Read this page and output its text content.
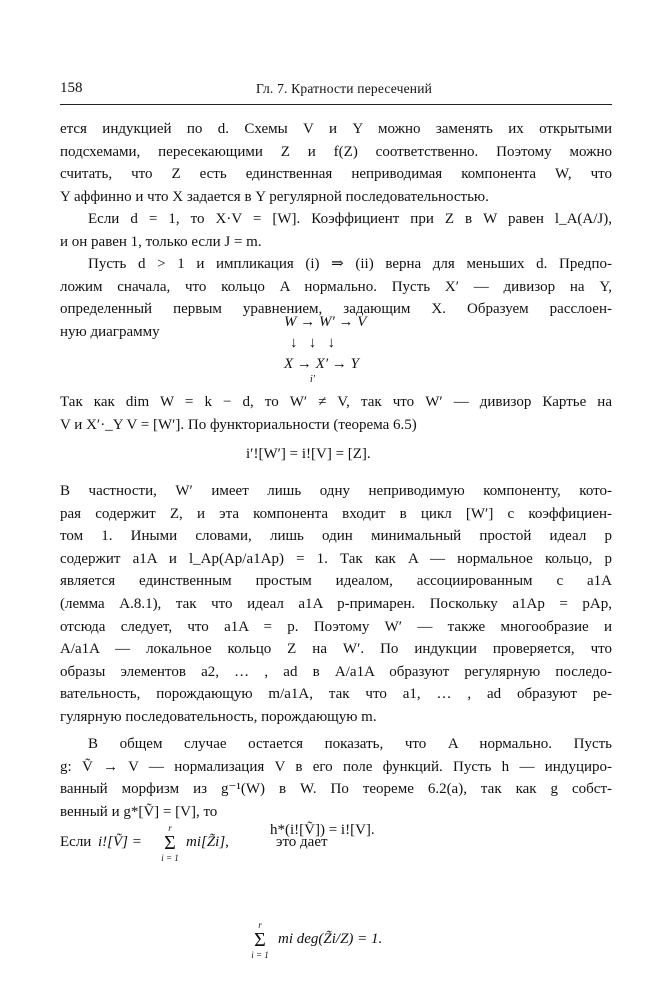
158	Гл. 7. Кратности пересечений
ется индукцией по d. Схемы V и Y можно заменять их открытыми
подсхемами, пересекающими Z и f(Z) соответственно. Поэтому можно
считать, что Z есть единственная неприводимая компонента W, что
Y аффинно и что X задается в Y регулярной последовательностью.
Если d = 1, то X·V = [W]. Коэффициент при Z в W равен l_A(A/J),
и он равен 1, только если J = m.
Пусть d > 1 и импликация (i) ⇒ (ii) верна для меньших d. Предпо-
ложим сначала, что кольцо A нормально. Пусть X′ — дивизор на Y,
определенный первым уравнением, задающим X. Образуем расслоен-
ную диаграмму
W → W′ → V
↓   ↓   ↓
X → X′ → Y
i′
Так как dim W = k − d, то W′ ≠ V, так что W′ — дивизор Картье на
V и X′·_Y V = [W′]. По функториальности (теорема 6.5)
i′![W′] = i![V] = [Z].
В частности, W′ имеет лишь одну неприводимую компоненту, кото-
рая содержит Z, и эта компонента входит в цикл [W′] с коэффициен-
том 1. Иными словами, лишь один минимальный простой идеал p
содержит a1A и l_Ap(Ap/a1Ap) = 1. Так как A — нормальное кольцо, p
является единственным простым идеалом, ассоциированным с a1A
(лемма A.8.1), так что идеал a1A p-примарен. Поскольку a1Ap = pAp,
отсюда следует, что a1A = p. Поэтому W′ — также многообразие и
A/a1A — локальное кольцо Z на W′. По индукции проверяется, что
образы элементов a2, … , ad в A/a1A образуют регулярную последо-
вательность, порождающую m/a1A, так что a1, … , ad образуют ре-
гулярную последовательность, порождающую m.
В общем случае остается показать, что A нормально. Пусть
g: Ṽ → V — нормализация V в его поле функций. Пусть h — индуциро-
ванный морфизм из g⁻¹(W) в W. По теореме 6.2(a), так как g собст-
венный и g*[Ṽ] = [V], то
h*(i![Ṽ]) = i![V].
Если i![Ṽ] =
r
Σ
i = 1
mi[Z̃i],	это дает
r
Σ
i = 1
mi deg(Z̃i/Z) = 1.
